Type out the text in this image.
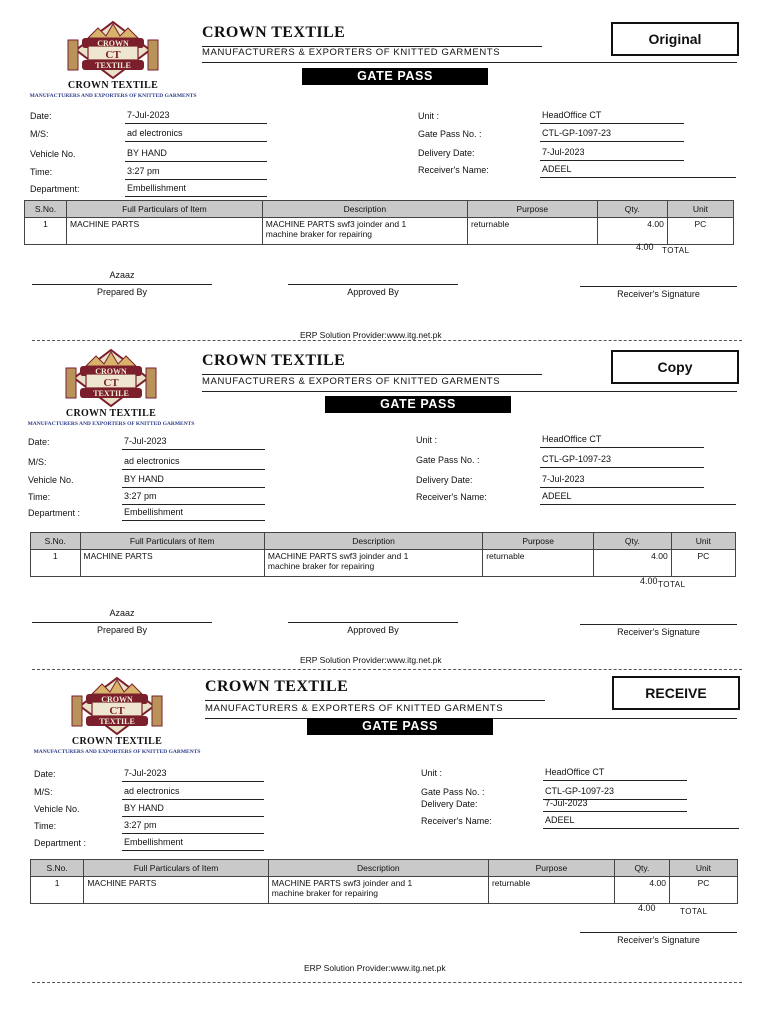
CROWN
CT
TEXTILE
CROWN TEXTILE
MANUFACTURERS AND EXPORTERS OF KNITTED GARMENTS
CROWN TEXTILE
MANUFACTURERS & EXPORTERS OF KNITTED GARMENTS
Original
GATE PASS
Date:	7-Jul-2023
M/S:	ad electronics
Vehicle No.	BY HAND
Time:	3:27 pm
Department:	Embellishment
Unit :	HeadOffice CT
Gate Pass No. :	CTL-GP-1097-23
Delivery Date:	7-Jul-2023
Receiver's Name:	ADEEL
S.No.	Full Particulars of Item	Description	Purpose	Qty.	Unit
1	MACHINE PARTS	MACHINE PARTS swf3 joinder and 1
machine braker for repairing	returnable	4.00	PC
TOTAL
4.00
Azaaz
Prepared By	Approved By	Receiver's Signature
ERP Solution Provider:www.itg.net.pk
CROWN
CT
TEXTILE
CROWN TEXTILE
MANUFACTURERS AND EXPORTERS OF KNITTED GARMENTS
CROWN TEXTILE
MANUFACTURERS & EXPORTERS OF KNITTED GARMENTS
Copy
GATE PASS
Date:	7-Jul-2023
M/S:	ad electronics
Vehicle No.	BY HAND
Time:	3:27 pm
Department :	Embellishment
Unit :	HeadOffice CT
Gate Pass No. :	CTL-GP-1097-23
Delivery Date:	7-Jul-2023
Receiver's Name:	ADEEL
S.No.	Full Particulars of Item	Description	Purpose	Qty.	Unit
1	MACHINE PARTS	MACHINE PARTS swf3 joinder and 1
machine braker for repairing	returnable	4.00	PC
TOTAL
4.00
Azaaz
Prepared By	Approved By	Receiver's Signature
ERP Solution Provider:www.itg.net.pk
CROWN
CT
TEXTILE
CROWN TEXTILE
MANUFACTURERS AND EXPORTERS OF KNITTED GARMENTS
CROWN TEXTILE
MANUFACTURERS & EXPORTERS OF KNITTED GARMENTS
RECEIVE
GATE PASS
Date:	7-Jul-2023
M/S:	ad electronics
Vehicle No.	BY HAND
Time:	3:27 pm
Department :	Embellishment
Unit :	HeadOffice CT
Gate Pass No. :	CTL-GP-1097-23
Delivery Date:	7-Jul-2023
Receiver's Name:	ADEEL
S.No.	Full Particulars of Item	Description	Purpose	Qty.	Unit
1	MACHINE PARTS	MACHINE PARTS swf3 joinder and 1
machine braker for repairing	returnable	4.00	PC
TOTAL
4.00
Receiver's Signature
ERP Solution Provider:www.itg.net.pk
